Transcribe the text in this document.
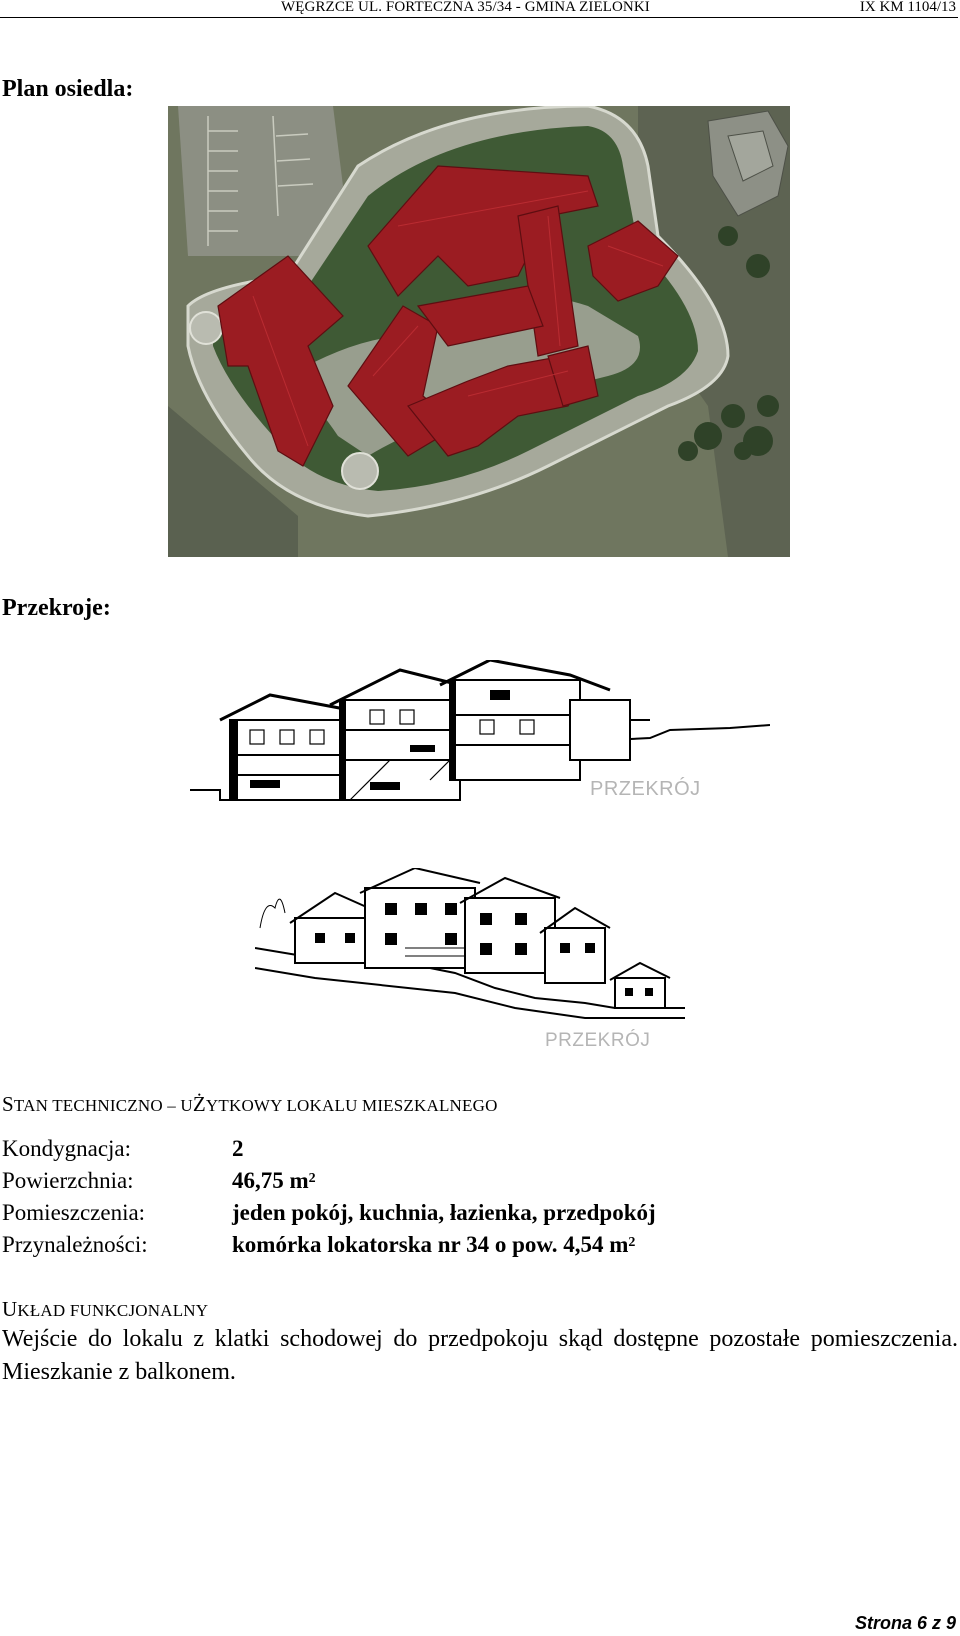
WĘGRZCE UL. FORTECZNA 35/34 - GMINA ZIELONKI	IX KM 1104/13
Plan osiedla:
Przekroje:
PRZEKRÓJ
PRZEKRÓJ
STAN TECHNICZNO – UŻYTKOWY LOKALU MIESZKALNEGO
Kondygnacja:	2
Powierzchnia:	46,75 $m^2$
Pomieszczenia:	jeden pokój, kuchnia, łazienka, przedpokój
Przynależności:	komórka lokatorska nr 34 o pow. 4,54 $m^2$
UKŁAD FUNKCJONALNY
Wejście do lokalu z klatki schodowej do przedpokoju skąd dostępne pozostałe pomieszczenia. Mieszkanie z balkonem.
Strona 6 z 9
